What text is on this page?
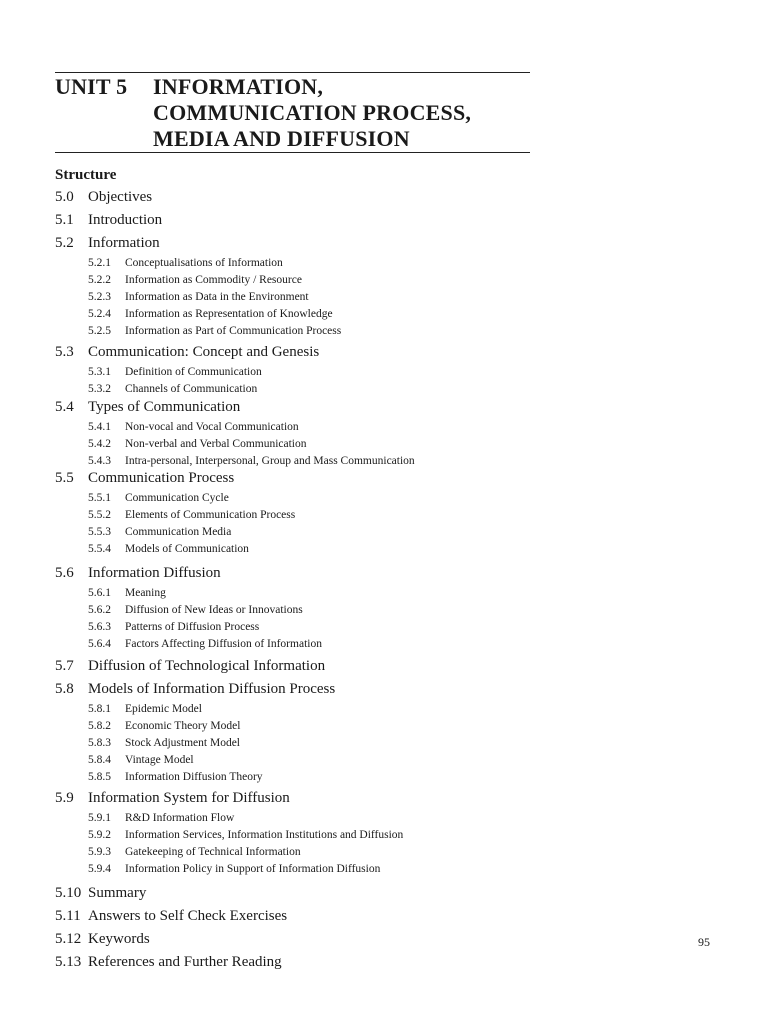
UNIT 5 INFORMATION,
COMMUNICATION PROCESS,
MEDIA AND DIFFUSION
Structure
5.0 Objectives
5.1 Introduction
5.2 Information
5.2.1 Conceptualisations of Information
5.2.2 Information as Commodity / Resource
5.2.3 Information as Data in the Environment
5.2.4 Information as Representation of Knowledge
5.2.5 Information as Part of Communication Process
5.3 Communication: Concept and Genesis
5.3.1 Definition of Communication
5.3.2 Channels of Communication
5.4 Types of Communication
5.4.1 Non-vocal and Vocal Communication
5.4.2 Non-verbal and Verbal Communication
5.4.3 Intra-personal, Interpersonal, Group and Mass Communication
5.5 Communication Process
5.5.1 Communication Cycle
5.5.2 Elements of Communication Process
5.5.3 Communication Media
5.5.4 Models of Communication
5.6 Information Diffusion
5.6.1 Meaning
5.6.2 Diffusion of New Ideas or Innovations
5.6.3 Patterns of Diffusion Process
5.6.4 Factors Affecting Diffusion of Information
5.7 Diffusion of Technological Information
5.8 Models of Information Diffusion Process
5.8.1 Epidemic Model
5.8.2 Economic Theory Model
5.8.3 Stock Adjustment Model
5.8.4 Vintage Model
5.8.5 Information Diffusion Theory
5.9 Information System for Diffusion
5.9.1 R&D Information Flow
5.9.2 Information Services, Information Institutions and Diffusion
5.9.3 Gatekeeping of Technical Information
5.9.4 Information Policy in Support of Information Diffusion
5.10 Summary
5.11 Answers to Self Check Exercises
5.12 Keywords
5.13 References and Further Reading
95
